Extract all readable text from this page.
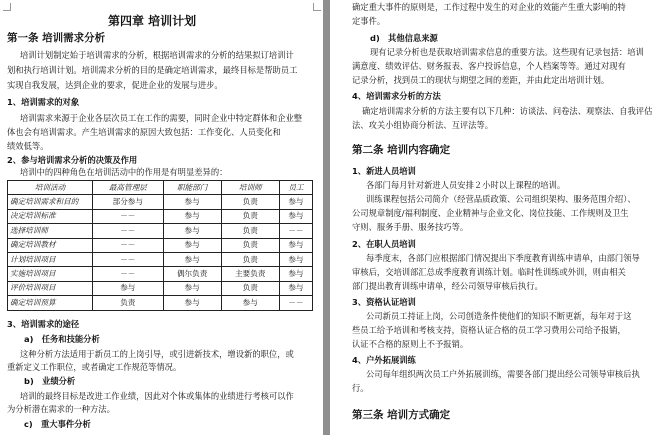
第四章 培训计划
第一条 培训需求分析
培训计划制定始于培训需求的分析，根据培训需求的分析的结果拟订培训计
划和执行培训计划。培训需求分析的目的是确定培训需求，最终目标是帮助员工
实现自我发展，达到企业的要求，促进企业的发展与进步。
1、培训需求的对象
培训需求来源于企业各层次员工在工作的需要，同时企业中特定群体和企业整
体也会有培训需求。产生培训需求的原因大致包括：工作变化、人员变化和
绩效低等。
2、参与培训需求分析的决策及作用
培训中的四种角色在培训活动中的作用是有明显差异的：
培训活动	最高管理层	职能部门	培训师	员工
确定培训需求和目的	部分参与	参与	负责	参与
决定培训标准	－－	参与	负责	参与
选择培训师	－－	参与	负责	－－
确定培训教材	－－	参与	负责	参与
计划培训项目	－－	参与	负责	参与
实施培训项目	－－	偶尔负责	主要负责	参与
评价培训项目	参与	参与	负责	参与
确定培训预算	负责	参与	参与	－－
3、培训需求的途径
a)　任务和技能分析
这种分析方法适用于新员工的上岗引导，或引进新技术，增设新的职位，或
重新定义工作职位，或者确定工作规范等情况。
b)　业绩分析
培训的最终目标是改进工作业绩，因此对个体或集体的业绩进行考核可以作
为分析潜在需求的一种方法。
c)　重大事件分析
确定重大事件的原则是，工作过程中发生的对企业的效能产生重大影响的特
定事件。
d)　其他信息来源
现有记录分析也是获取培训需求信息的重要方法。这些现有记录包括：培训
满意度、绩效评估、财务报表、客户投诉信息，个人档案等等。通过对现有
记录分析，找到员工的现状与期望之间的差距，并由此定出培训计划。
4、培训需求分析的方法
确定培训需求分析的方法主要有以下几种：访谈法、问卷法、观察法、自我评估
法、攻关小组协商分析法、互评法等。
第二条 培训内容确定
1、新进人员培训
各部门每月针对新进人员安排２小时以上课程的培训。
训练课程包括公司简介（经营品质政策、公司组织架构、服务范围介绍）、
公司规章制度/福利制度、企业精神与企业文化、岗位技能、工作规则及卫生
守则、服务手册、服务技巧等。
2、在职人员培训
每季度末，各部门应根据部门情况提出下季度教育训练申请单，由部门领导
审核后，交培训部汇总成季度教育训练计划。临时性训练或外训，则由相关
部门提出教育训练申请单，经公司领导审核后执行。
3、资格认证培训
公司新员工持证上岗，公司创造条件使他们的知识不断更新，每年对于这
些员工给予培训和考核支持，资格认证合格的员工学习费用公司给予报销，
认证不合格的原则上不予报销。
4、户外拓展训练
公司每年组织两次员工户外拓展训练，需要各部门提出经公司领导审核后执
行。
第三条 培训方式确定
